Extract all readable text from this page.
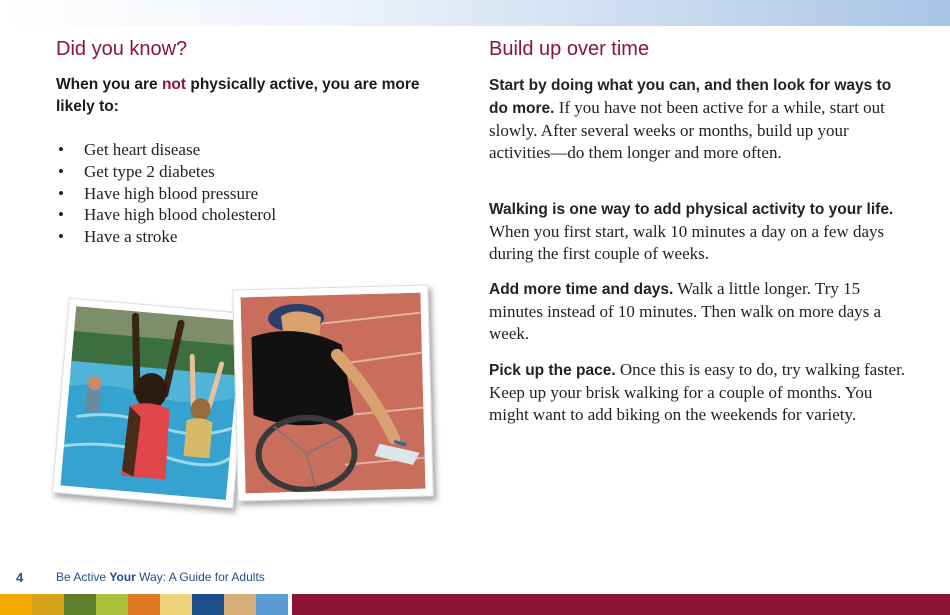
Did you know?
When you are not physically active, you are more likely to:
• Get heart disease
• Get type 2 diabetes
• Have high blood pressure
• Have high blood cholesterol
• Have a stroke
Build up over time

Start by doing what you can, and then look for ways to do more. If you have not been active for a while, start out slowly. After several weeks or months, build up your activities—do them longer and more often.

Walking is one way to add physical activity to your life. When you first start, walk 10 minutes a day on a few days during the first couple of weeks.

Add more time and days. Walk a little longer. Try 15 minutes instead of 10 minutes. Then walk on more days a week.

Pick up the pace. Once this is easy to do, try walking faster. Keep up your brisk walking for a couple of months. You might want to add biking on the weekends for variety.

4	Be Active Your Way: A Guide for Adults
